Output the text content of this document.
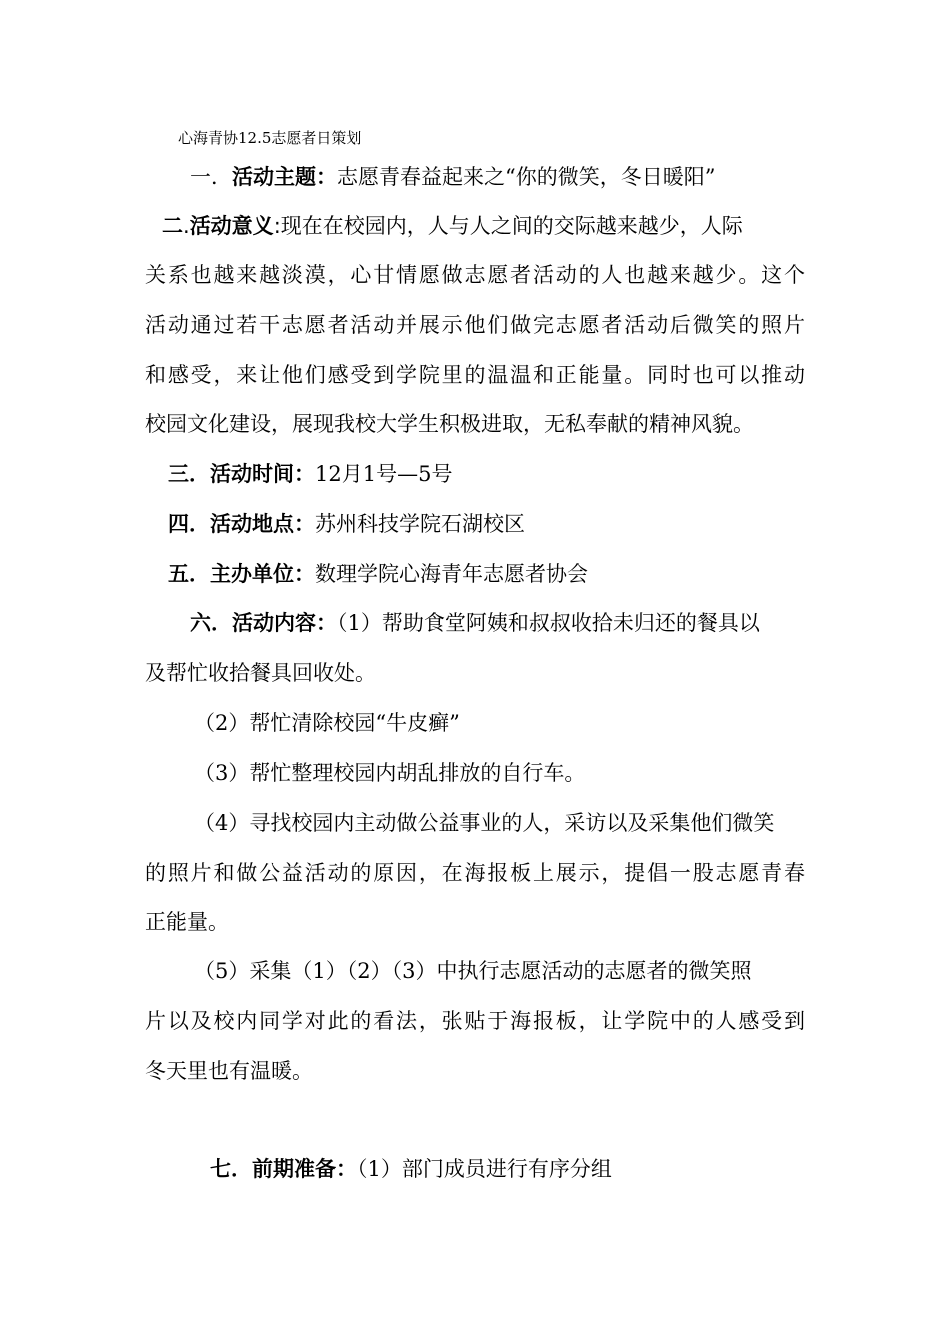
心海青协12.5志愿者日策划
一．活动主题：志愿青春益起来之“你的微笑，冬日暖阳”
二.活动意义:现在在校园内，人与人之间的交际越来越少，人际
关系也越来越淡漠，心甘情愿做志愿者活动的人也越来越少。这个
活动通过若干志愿者活动并展示他们做完志愿者活动后微笑的照片
和感受，来让他们感受到学院里的温温和正能量。同时也可以推动
校园文化建设，展现我校大学生积极进取，无私奉献的精神风貌。
三．活动时间：12月1号—5号
四．活动地点：苏州科技学院石湖校区
五．主办单位：数理学院心海青年志愿者协会
六．活动内容：（1）帮助食堂阿姨和叔叔收拾未归还的餐具以
及帮忙收拾餐具回收处。
（2）帮忙清除校园“牛皮癣”
（3）帮忙整理校园内胡乱排放的自行车。
（4）寻找校园内主动做公益事业的人，采访以及采集他们微笑
的照片和做公益活动的原因，在海报板上展示，提倡一股志愿青春
正能量。
（5）采集（1）（2）（3）中执行志愿活动的志愿者的微笑照
片以及校内同学对此的看法，张贴于海报板，让学院中的人感受到
冬天里也有温暖。
七．前期准备：（1）部门成员进行有序分组
